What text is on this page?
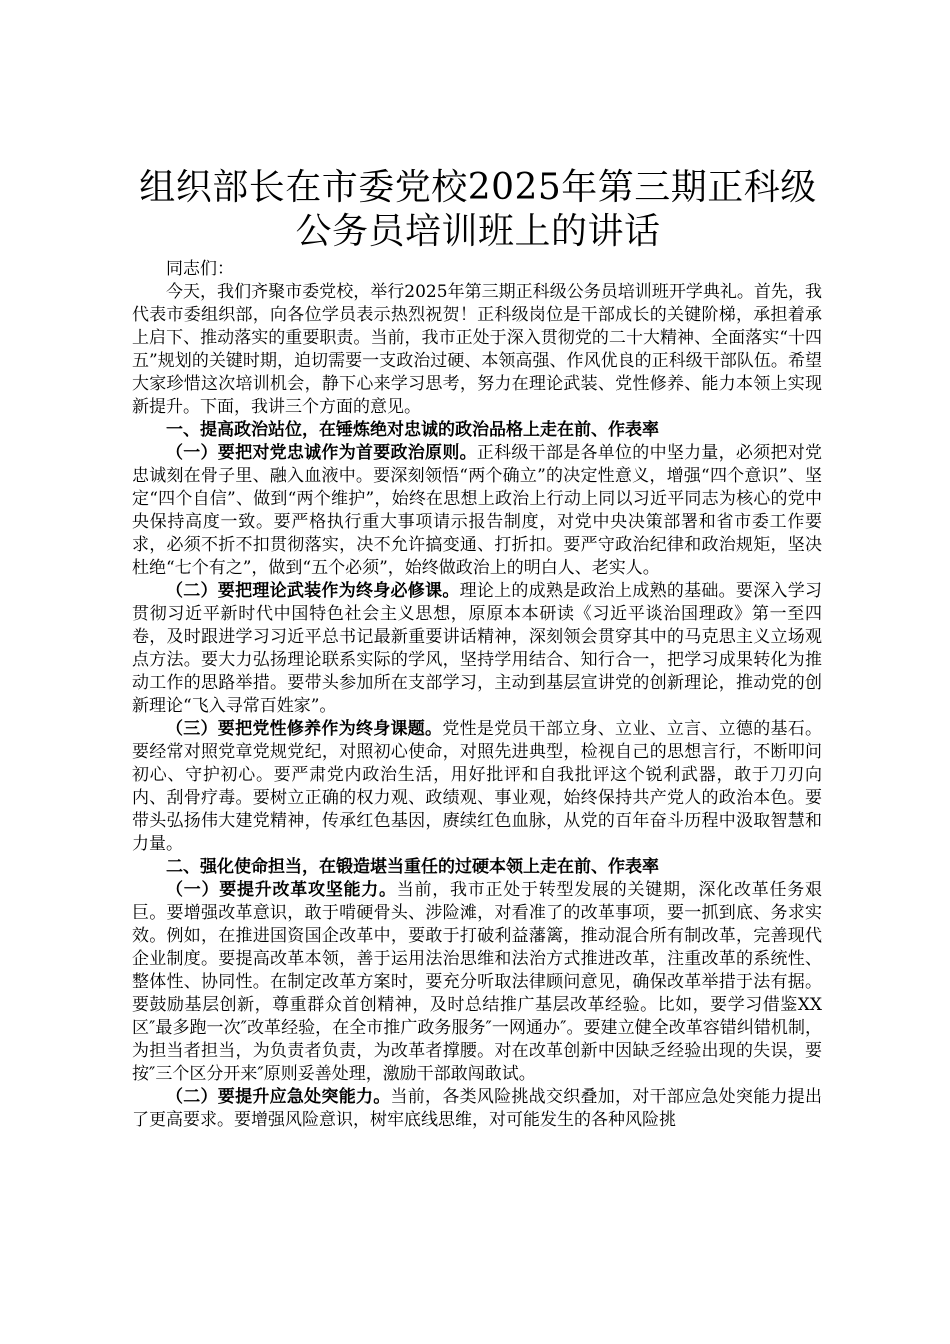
组织部长在市委党校2025年第三期正科级公务员培训班上的讲话

同志们：

今天，我们齐聚市委党校，举行2025年第三期正科级公务员培训班开学典礼。首先，我代表市委组织部，向各位学员表示热烈祝贺！正科级岗位是干部成长的关键阶梯，承担着承上启下、推动落实的重要职责。当前，我市正处于深入贯彻党的二十大精神、全面落实“十四五”规划的关键时期，迫切需要一支政治过硬、本领高强、作风优良的正科级干部队伍。希望大家珍惜这次培训机会，静下心来学习思考，努力在理论武装、党性修养、能力本领上实现新提升。下面，我讲三个方面的意见。

一、提高政治站位，在锤炼绝对忠诚的政治品格上走在前、作表率

（一）要把对党忠诚作为首要政治原则。正科级干部是各单位的中坚力量，必须把对党忠诚刻在骨子里、融入血液中。要深刻领悟“两个确立”的决定性意义，增强“四个意识”、坚定“四个自信”、做到“两个维护”，始终在思想上政治上行动上同以习近平同志为核心的党中央保持高度一致。要严格执行重大事项请示报告制度，对党中央决策部署和省市委工作要求，必须不折不扣贯彻落实，决不允许搞变通、打折扣。要严守政治纪律和政治规矩，坚决杜绝“七个有之”，做到“五个必须”，始终做政治上的明白人、老实人。

（二）要把理论武装作为终身必修课。理论上的成熟是政治上成熟的基础。要深入学习贯彻习近平新时代中国特色社会主义思想，原原本本研读《习近平谈治国理政》第一至四卷，及时跟进学习习近平总书记最新重要讲话精神，深刻领会贯穿其中的马克思主义立场观点方法。要大力弘扬理论联系实际的学风，坚持学用结合、知行合一，把学习成果转化为推动工作的思路举措。要带头参加所在支部学习，主动到基层宣讲党的创新理论，推动党的创新理论“飞入寻常百姓家”。

（三）要把党性修养作为终身课题。党性是党员干部立身、立业、立言、立德的基石。要经常对照党章党规党纪，对照初心使命，对照先进典型，检视自己的思想言行，不断叩问初心、守护初心。要严肃党内政治生活，用好批评和自我批评这个锐利武器，敢于刀刃向内、刮骨疗毒。要树立正确的权力观、政绩观、事业观，始终保持共产党人的政治本色。要带头弘扬伟大建党精神，传承红色基因，赓续红色血脉，从党的百年奋斗历程中汲取智慧和力量。

二、强化使命担当，在锻造堪当重任的过硬本领上走在前、作表率

（一）要提升改革攻坚能力。当前，我市正处于转型发展的关键期，深化改革任务艰巨。要增强改革意识，敢于啃硬骨头、涉险滩，对看准了的改革事项，要一抓到底、务求实效。例如，在推进国资国企改革中，要敢于打破利益藩篱，推动混合所有制改革，完善现代企业制度。要提高改革本领，善于运用法治思维和法治方式推进改革，注重改革的系统性、整体性、协同性。在制定改革方案时，要充分听取法律顾问意见，确保改革举措于法有据。要鼓励基层创新，尊重群众首创精神，及时总结推广基层改革经验。比如，要学习借鉴XX区″最多跑一次″改革经验，在全市推广政务服务″一网通办″。要建立健全改革容错纠错机制，为担当者担当，为负责者负责，为改革者撑腰。对在改革创新中因缺乏经验出现的失误，要按″三个区分开来″原则妥善处理，激励干部敢闯敢试。

（二）要提升应急处突能力。当前，各类风险挑战交织叠加，对干部应急处突能力提出了更高要求。要增强风险意识，树牢底线思维，对可能发生的各种风险挑
